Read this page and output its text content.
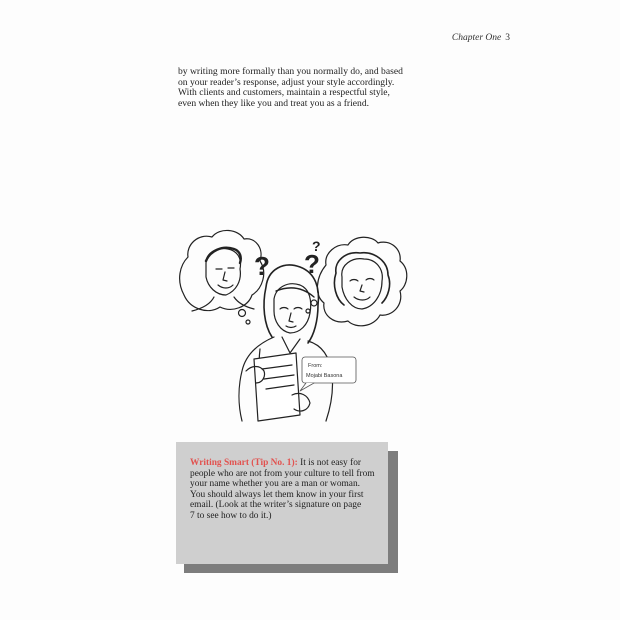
Chapter One 3
by writing more formally than you normally do, and based
on your reader’s response, adjust your style accordingly.
With clients and customers, maintain a respectful style,
even when they like you and treat you as a friend.
? ?
?
From:
Mojabi Basona
Writing Smart (Tip No. 1): It is not easy for
people who are not from your culture to tell from
your name whether you are a man or woman.
You should always let them know in your first
email. (Look at the writer’s signature on page
7 to see how to do it.)
